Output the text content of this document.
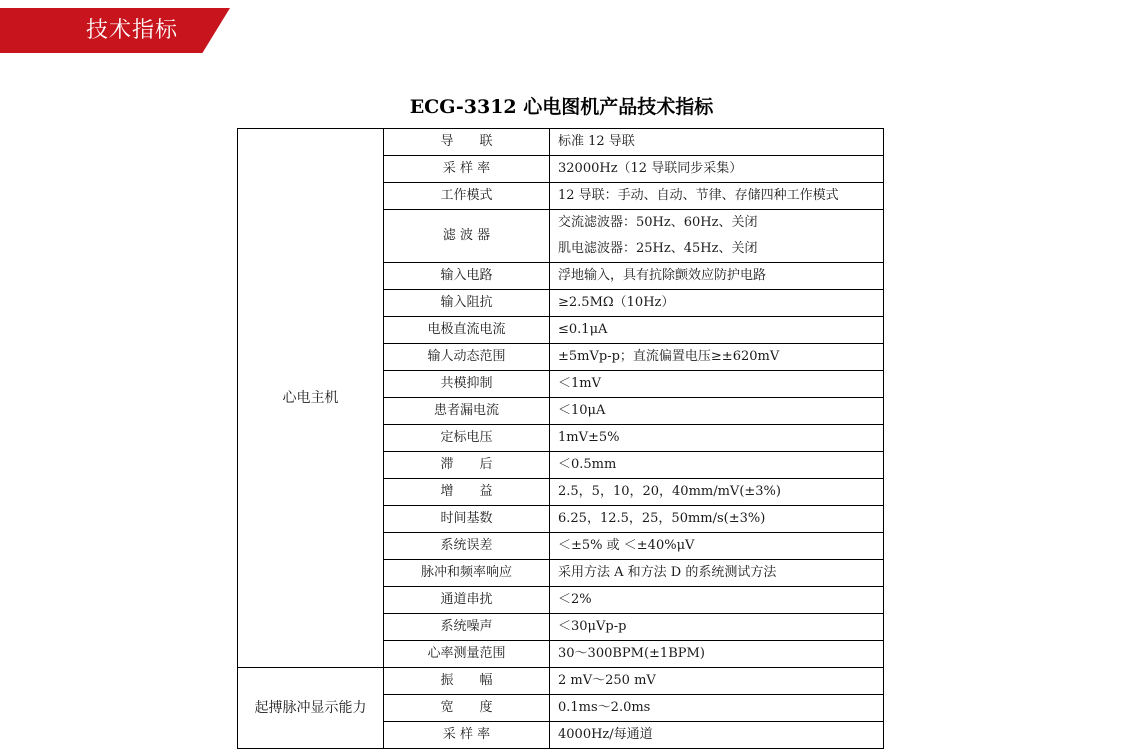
技术指标
ECG-3312 心电图机产品技术指标
心电主机	导　　联	标准 12 导联

	采 样 率	32000Hz（12 导联同步采集）

	工作模式	12 导联：手动、自动、节律、存储四种工作模式

	滤 波 器	交流滤波器：50Hz、60Hz、关闭
肌电滤波器：25Hz、45Hz、关闭

	输入电路	浮地输入，具有抗除颤效应防护电路

	输入阻抗	≥2.5MΩ（10Hz）

	电极直流电流	≤0.1μA

	输人动态范围	±5mVp-p；直流偏置电压≥±620mV

	共模抑制	＜1mV

	患者漏电流	＜10μA

	定标电压	1mV±5%

	滞　　后	＜0.5mm

	增　　益	2.5，5，10，20，40mm/mV(±3%)

	时间基数	6.25，12.5，25，50mm/s(±3%)

	系统误差	＜±5% 或 ＜±40%μV

	脉冲和频率响应	采用方法 A 和方法 D 的系统测试方法

	通道串扰	＜2%

	系统噪声	＜30μVp-p

	心率测量范围	30～300BPM(±1BPM)

起搏脉冲显示能力	振　　幅	2 mV～250 mV

	宽　　度	0.1ms～2.0ms

	采 样 率	4000Hz/每通道
